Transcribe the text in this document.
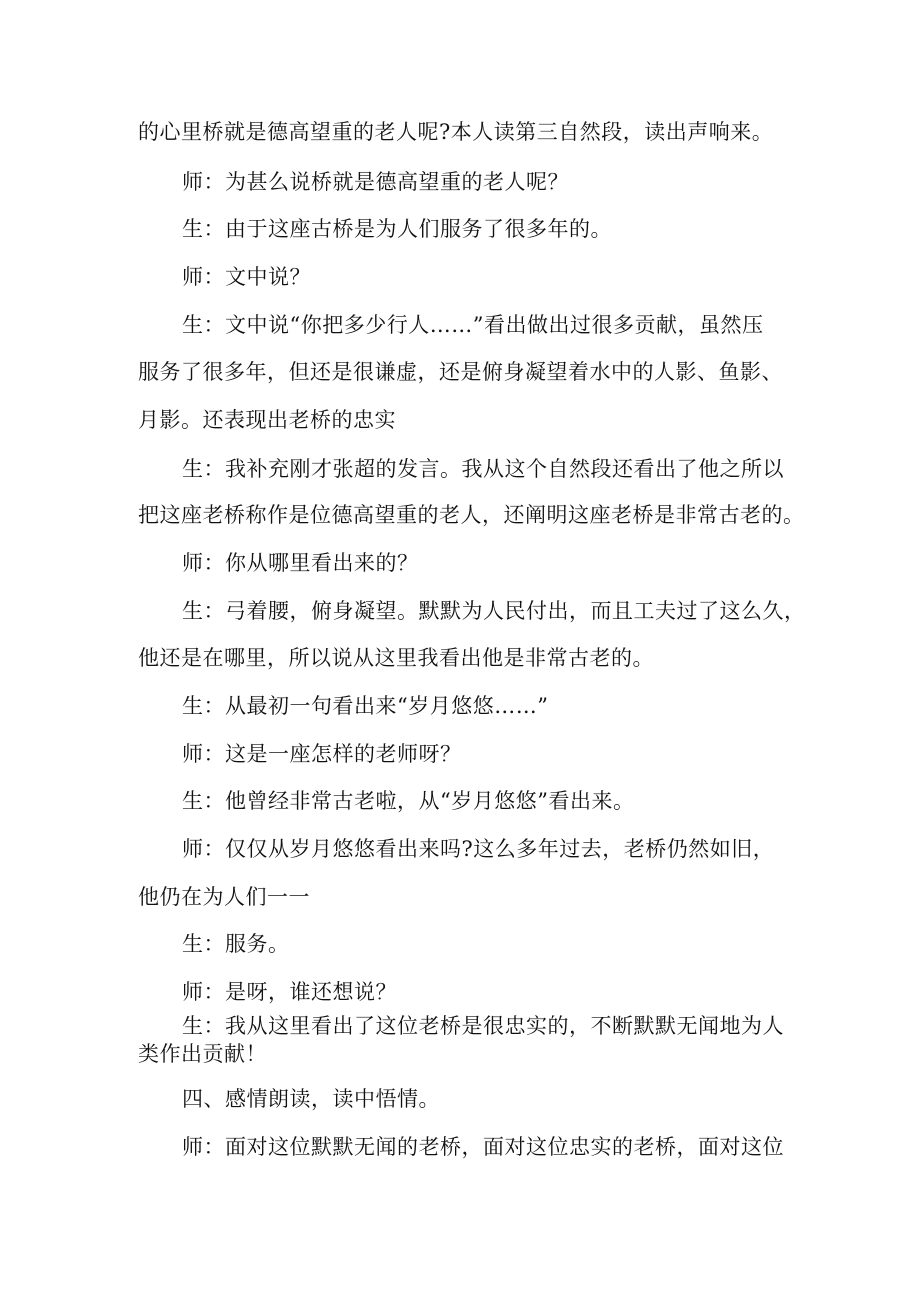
的心里桥就是德高望重的老人呢?本人读第三自然段，读出声响来。
师：为甚么说桥就是德高望重的老人呢？
生：由于这座古桥是为人们服务了很多年的。
师：文中说？
生：文中说“你把多少行人……”看出做出过很多贡献，虽然压
服务了很多年，但还是很谦虚，还是俯身凝望着水中的人影、鱼影、
月影。还表现出老桥的忠实
生：我补充刚才张超的发言。我从这个自然段还看出了他之所以
把这座老桥称作是位德高望重的老人，还阐明这座老桥是非常古老的。
师：你从哪里看出来的？
生：弓着腰，俯身凝望。默默为人民付出，而且工夫过了这么久，
他还是在哪里，所以说从这里我看出他是非常古老的。
生：从最初一句看出来“岁月悠悠……”
师：这是一座怎样的老师呀？
生：他曾经非常古老啦，从“岁月悠悠”看出来。
师：仅仅从岁月悠悠看出来吗?这么多年过去，老桥仍然如旧，
他仍在为人们一一
生：服务。
师：是呀，谁还想说？
生：我从这里看出了这位老桥是很忠实的，不断默默无闻地为人
类作出贡献！
四、感情朗读，读中悟情。
师：面对这位默默无闻的老桥，面对这位忠实的老桥，面对这位
